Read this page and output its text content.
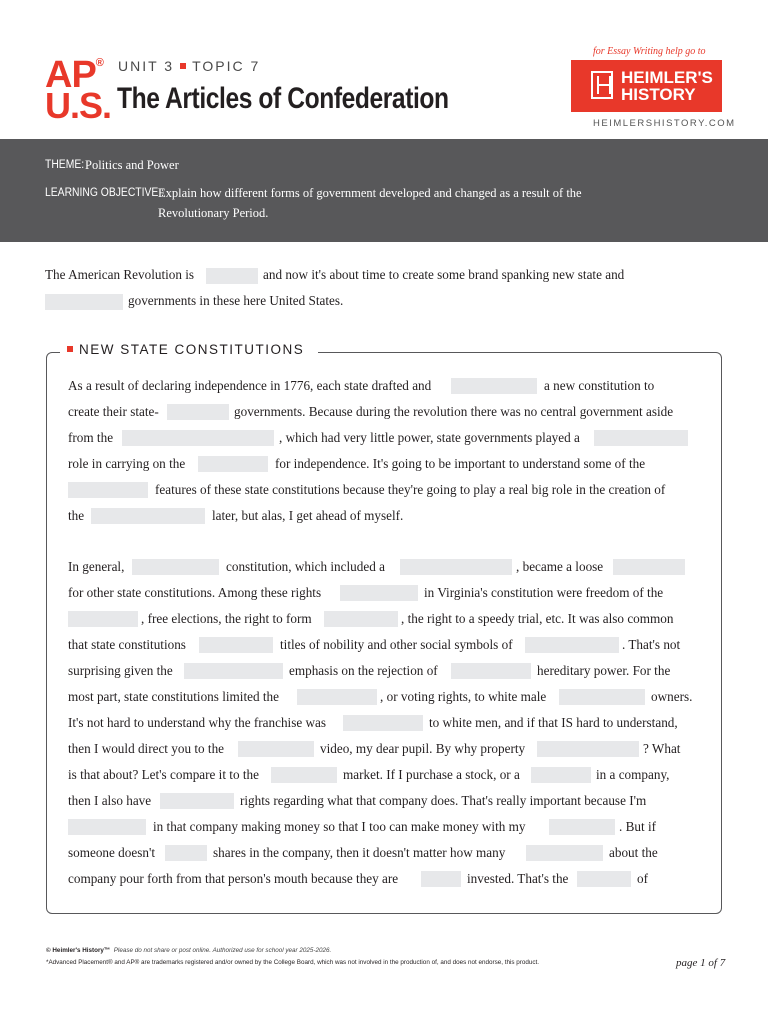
AP®
U.S.
UNIT 3 TOPIC 7
The Articles of Confederation
for Essay Writing help go to
HEIMLER'S
HISTORY
HEIMLERSHISTORY.COM
THEME: Politics and Power
LEARNING OBJECTIVE :
Explain how different forms of government developed and changed as a result of the
Revolutionary Period.
The American Revolution is	and now it's about time to create some brand spanking new state and
governments in these here United States.
NEW STATE CONSTITUTIONS
As a result of declaring independence in 1776, each state drafted and	a new constitution to
create their state-	governments. Because during the revolution there was no central government aside
from the	, which had very little power, state governments played a
role in carrying on the	for independence. It's going to be important to understand some of the
features of these state constitutions because they're going to play a real big role in the creation of
the	later, but alas, I get ahead of myself.
In general,	constitution, which included a	, became a loose
for other state constitutions. Among these rights	in Virginia's constitution were freedom of the
, free elections, the right to form	, the right to a speedy trial, etc. It was also common
that state constitutions	titles of nobility and other social symbols of	. That's not
surprising given the	emphasis on the rejection of	hereditary power. For the
most part, state constitutions limited the	, or voting rights, to white male	owners.
It's not hard to understand why the franchise was	to white men, and if that IS hard to understand,
then I would direct you to the	video, my dear pupil. By why property	? What
is that about? Let's compare it to the	market. If I purchase a stock, or a	in a company,
then I also have	rights regarding what that company does. That's really important because I'm
in that company making money so that I too can make money with my	. But if
someone doesn't	shares in the company, then it doesn't matter how many	about the
company pour forth from that person's mouth because they are	invested. That's the	of
© Heimler's History™ Please do not share or post online. Authorized use for school year 2025-2026.
*Advanced Placement® and AP® are trademarks registered and/or owned by the College Board, which was not involved in the production of, and does not endorse, this product.	page 1 of 7
